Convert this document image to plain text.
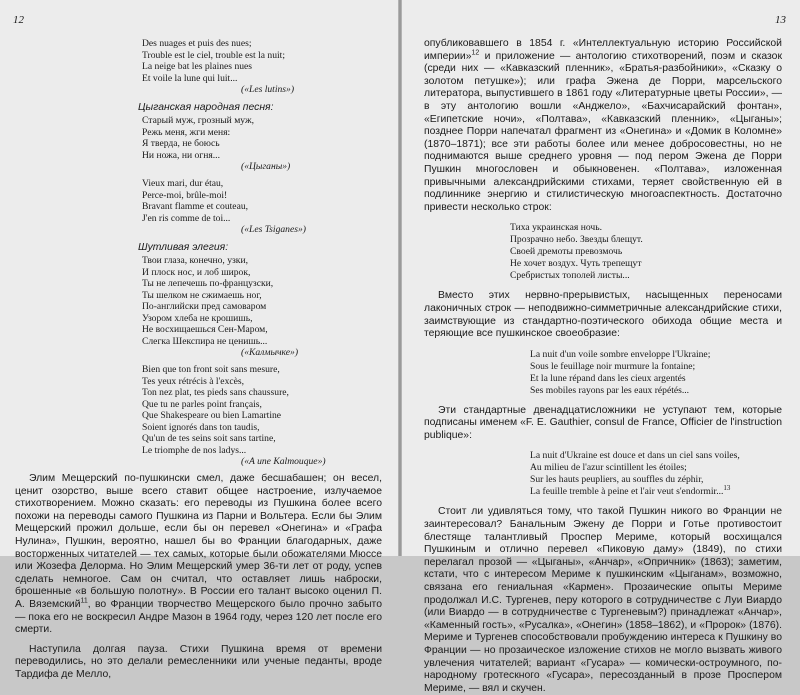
12
Des nuages et puis des nues;
Trouble est le ciel, trouble est la nuit;
La neige bat les plaines nues
Et voile la lune qui luit...
(«Les lutins»)
Цыганская народная песня:
Старый муж, грозный муж,
Режь меня, жги меня:
Я тверда, не боюсь
Ни ножа, ни огня...
(«Цыганы»)
Vieux mari, dur étau,
Perce-moi, brûle-moi!
Bravant flamme et couteau,
J'en ris comme de toi...
(«Les Tsiganes»)
Шутливая элегия:
Твои глаза, конечно, узки,
И плоск нос, и лоб широк,
Ты не лепечешь по-французски,
Ты шелком не сжимаешь ног,
По-английски пред самоваром
Узором хлеба не крошишь,
Не восхищаешься Сен-Маром,
Слегка Шекспира не ценишь...
(«Калмычке»)
Bien que ton front soit sans mesure,
Tes yeux rétrécis à l'excès,
Ton nez plat, tes pieds sans chaussure,
Que tu ne parles point français,
Que Shakespeare ou bien Lamartine
Soient ignorés dans ton taudis,
Qu'un de tes seins soit sans tartine,
Le triomphe de nos ladys...
(«A une Kalmouque»)

Элим Мещерский по-пушкински смел, даже бесшабашен; он весел, ценит озорство, выше всего ставит общее настроение, излучаемое стихотворением. Можно сказать: его переводы из Пушкина более всего похожи на переводы самого Пушкина из Парни и Вольтера. Если бы Элим Мещерский прожил дольше, если бы он перевел «Онегина» и «Графа Нулина», Пушкин, вероятно, нашел бы во Франции благодарных, даже восторженных читателей — тех самых, которые были обожателями Мюссе или Жозефа Делорма. Но Элим Мещерский умер 36-ти лет от роду, успев сделать немногое. Сам он считал, что оставляет лишь наброски, брошенные «в большую полотну». В России его талант высоко оценил П. А. Вяземский$^{11}$, во Франции творчество Мещерского было прочно забыто — пока его не воскресил Андре Мазон в 1964 году, через 120 лет после его смерти.

Наступила долгая пауза. Стихи Пушкина время от времени переводились, но это делали ремесленники или ученые педанты, вроде Тардифа де Мелло,

13

опубликовавшего в 1854 г. «Интеллектуальную историю Российской империи»$^{12}$ и приложение — антологию стихотворений, поэм и сказок (среди них — «Кавказский пленник», «Братья-разбойники», «Сказку о золотом петушке»); или графа Эжена де Порри, марсельского литератора, выпустившего в 1861 году «Литературные цветы России», — в эту антологию вошли «Анджело», «Бахчисарайский фонтан», «Египетские ночи», «Полтава», «Кавказский пленник», «Цыганы»; позднее Порри напечатал фрагмент из «Онегина» и «Домик в Коломне» (1870–1871); все эти работы более или менее добросовестны, но не поднимаются выше среднего уровня — под пером Эжена де Порри Пушкин многословен и обыкновенен. «Полтава», изложенная привычными александрийскими стихами, теряет свойственную ей в подлиннике энергию и стилистическую многоаспектность. Достаточно привести несколько строк:

Тиха украинская ночь.
Прозрачно небо. Звезды блещут.
Своей дремоты превозмочь
Не хочет воздух. Чуть трепещут
Сребристых тополей листы...

Вместо этих нервно-прерывистых, насыщенных переносами лаконичных строк — неподвижно-симметричные александрийские стихи, заимствующие из стандартно-поэтического обихода общие места и теряющие все пушкинское своеобразие:

La nuit d'un voile sombre enveloppe l'Ukraine;
Sous le feuillage noir murmure la fontaine;
Et la lune répand dans les cieux argentés
Ses mobiles rayons par les eaux répétés...

Эти стандартные двенадцатисложники не уступают тем, которые подписаны именем «F. E. Gauthier, consul de France, Officier de l'instruction publique»:

La nuit d'Ukraine est douce et dans un ciel sans voiles,
Au milieu de l'azur scintillent les étoiles;
Sur les hauts peupliers, au souffles du zéphir,
La feuille tremble à peine et l'air veut s'endormir...$^{13}$

Стоит ли удивляться тому, что такой Пушкин никого во Франции не заинтересовал? Банальным Эжену де Порри и Готье противостоит блестяще талантливый Проспер Мериме, который восхищался Пушкиным и отлично перевел «Пиковую даму» (1849), по стихи перелагал прозой — «Цыганы», «Анчар», «Опричник» (1863); заметим, кстати, что с интересом Мериме к пушкинским «Цыганам», возможно, связана его гениальная «Кармен». Прозаические опыты Мериме продолжал И.С. Тургенев, перу которого в сотрудничестве с Луи Виардо (или Виардо — в сотрудничестве с Тургеневым?) принадлежат «Анчар», «Каменный гость», «Русалка», «Онегин» (1858–1862), и «Пророк» (1876). Мериме и Тургенев способствовали пробуждению интереса к Пушкину во Франции — но прозаическое изложение стихов не могло вызвать живого увлечения читателей; вариант «Гусара» — комически-остроумного, по-народному гротескного «Гусара», пересозданный в прозе Проспером Мериме, — вял и скучен.
